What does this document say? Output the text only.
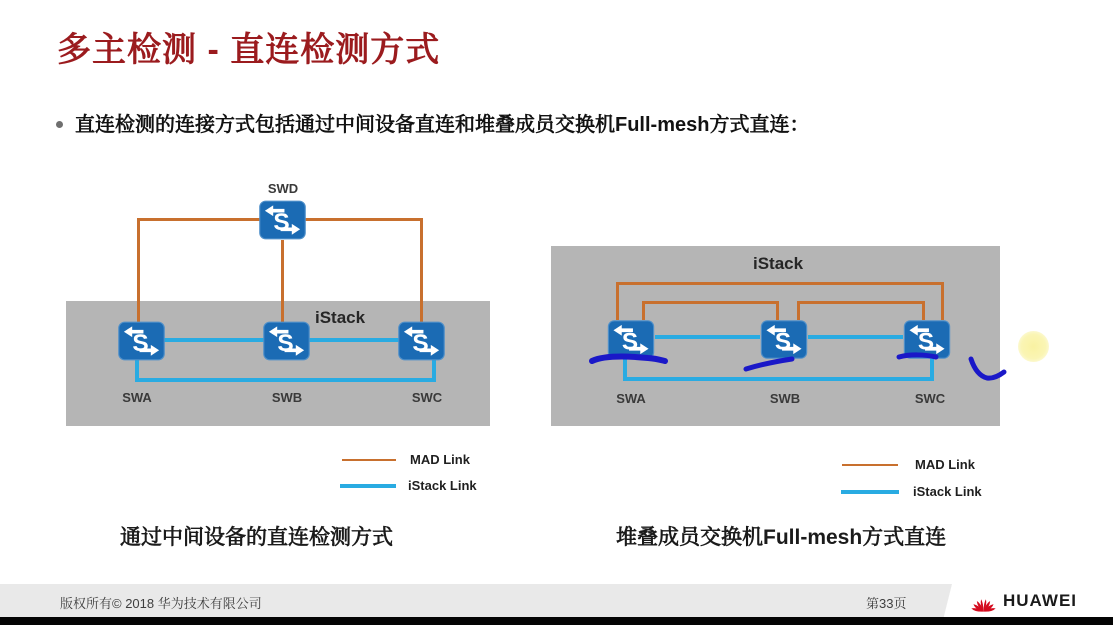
多主检测 - 直连检测方式
直连检测的连接方式包括通过中间设备直连和堆叠成员交换机Full-mesh方式直连：
SWD
iStack
SWA	SWB	SWC
MAD Link
iStack Link
通过中间设备的直连检测方式
iStack
SWA	SWB	SWC
MAD Link
iStack Link
堆叠成员交换机Full-mesh方式直连
版权所有© 2018 华为技术有限公司	第33页	HUAWEI
